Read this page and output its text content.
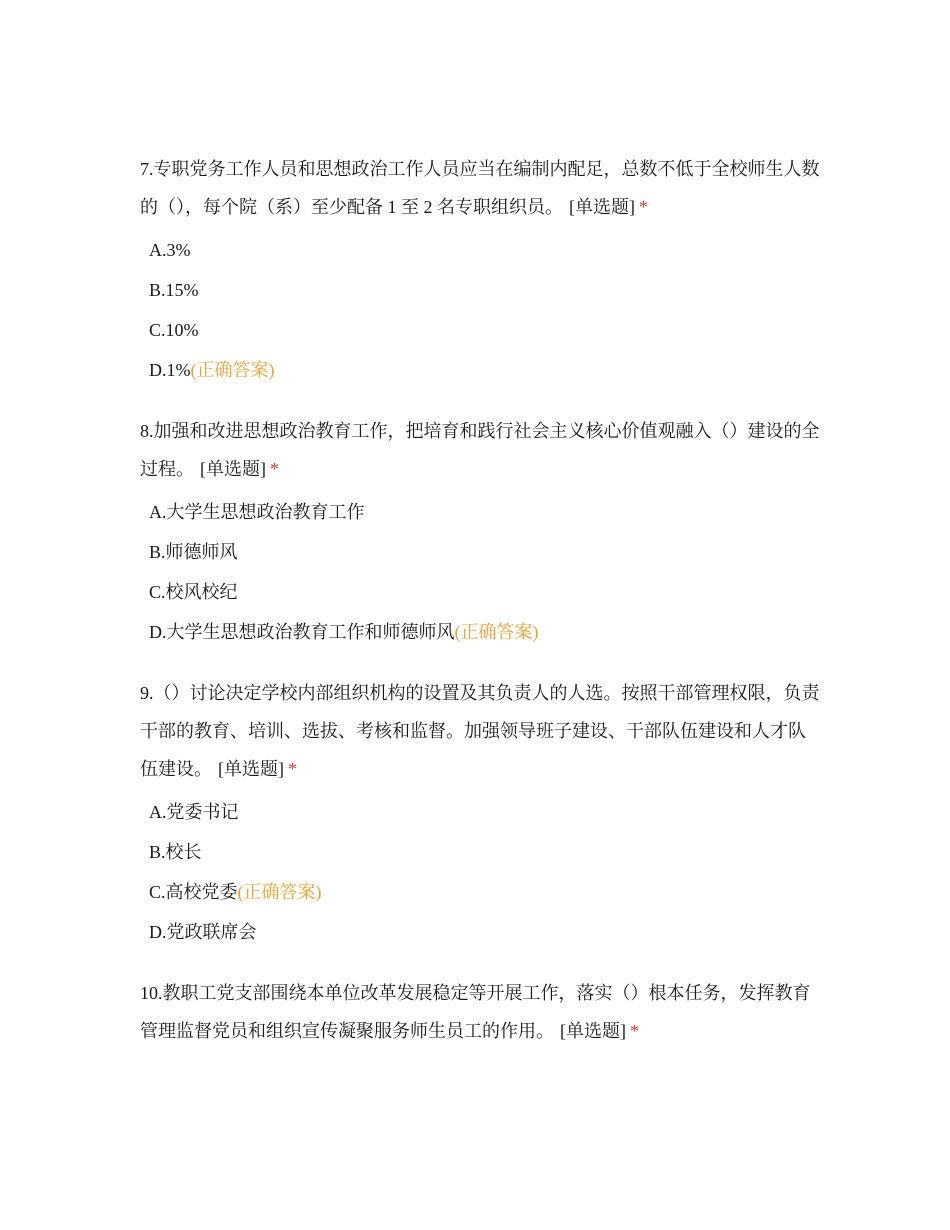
7.专职党务工作人员和思想政治工作人员应当在编制内配足，总数不低于全校师生人数的（），每个院（系）至少配备 1 至 2 名专职组织员。 [单选题] *

A.3%
B.15%
C.10%
D.1%(正确答案)

8.加强和改进思想政治教育工作，把培育和践行社会主义核心价值观融入（）建设的全过程。 [单选题] *

A.大学生思想政治教育工作
B.师德师风
C.校风校纪
D.大学生思想政治教育工作和师德师风(正确答案)

9.（）讨论决定学校内部组织机构的设置及其负责人的人选。按照干部管理权限，负责干部的教育、培训、选拔、考核和监督。加强领导班子建设、干部队伍建设和人才队伍建设。 [单选题] *

A.党委书记
B.校长
C.高校党委(正确答案)
D.党政联席会

10.教职工党支部围绕本单位改革发展稳定等开展工作，落实（）根本任务，发挥教育管理监督党员和组织宣传凝聚服务师生员工的作用。 [单选题] *
